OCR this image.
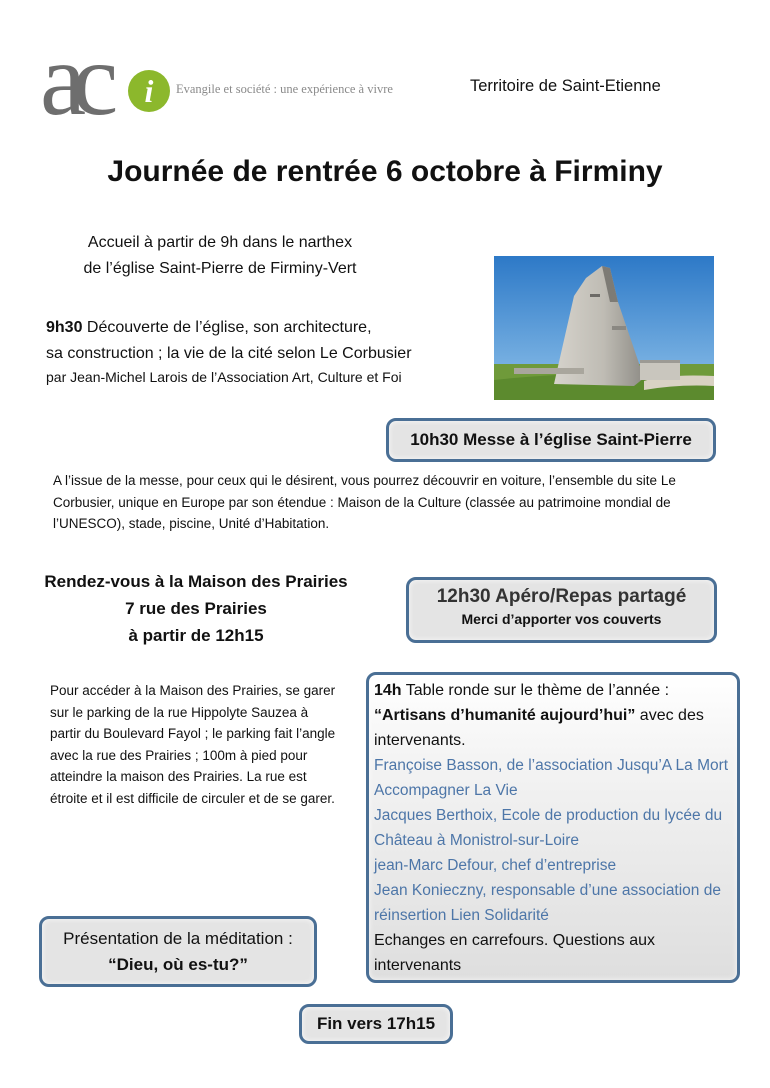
ac	i	Evangile et société : une expérience à vivre	Territoire de Saint-Etienne
Journée de rentrée 6 octobre à Firminy
Accueil à partir de 9h dans le narthex
de l’église Saint-Pierre de Firminy-Vert
9h30 Découverte de l’église, son architecture,
sa construction ; la vie de la cité selon Le Corbusier
par Jean-Michel Larois de l’Association Art, Culture et Foi
10h30 Messe à l’église Saint-Pierre
A l’issue de la messe, pour ceux qui le désirent, vous pourrez découvrir en voiture, l’ensemble du site Le Corbusier, unique en Europe par son étendue : Maison de la Culture (classée au patrimoine mondial de l’UNESCO), stade, piscine, Unité d’Habitation.
Rendez-vous à la Maison des Prairies
7 rue des Prairies
à partir de 12h15
12h30 Apéro/Repas partagé
Merci d’apporter vos couverts
Pour accéder à la Maison des Prairies, se garer sur le parking de la rue Hippolyte Sauzea à partir du Boulevard Fayol ; le parking fait l’angle avec la rue des Prairies ; 100m à pied pour atteindre la maison des Prairies. La rue est étroite et il est difficile de circuler et de se garer.
14h Table ronde sur le thème de l’année :
“Artisans d’humanité aujourd’hui” avec des intervenants.
Françoise Basson, de l’association Jusqu’A La Mort Accompagner La Vie
Jacques Berthoix, Ecole de production du lycée du Château à Monistrol-sur-Loire
jean-Marc Defour, chef d’entreprise
Jean Konieczny, responsable d’une association de réinsertion Lien Solidarité
Echanges en carrefours. Questions aux intervenants
Présentation de la méditation :
“Dieu, où es-tu?”
Fin vers 17h15
